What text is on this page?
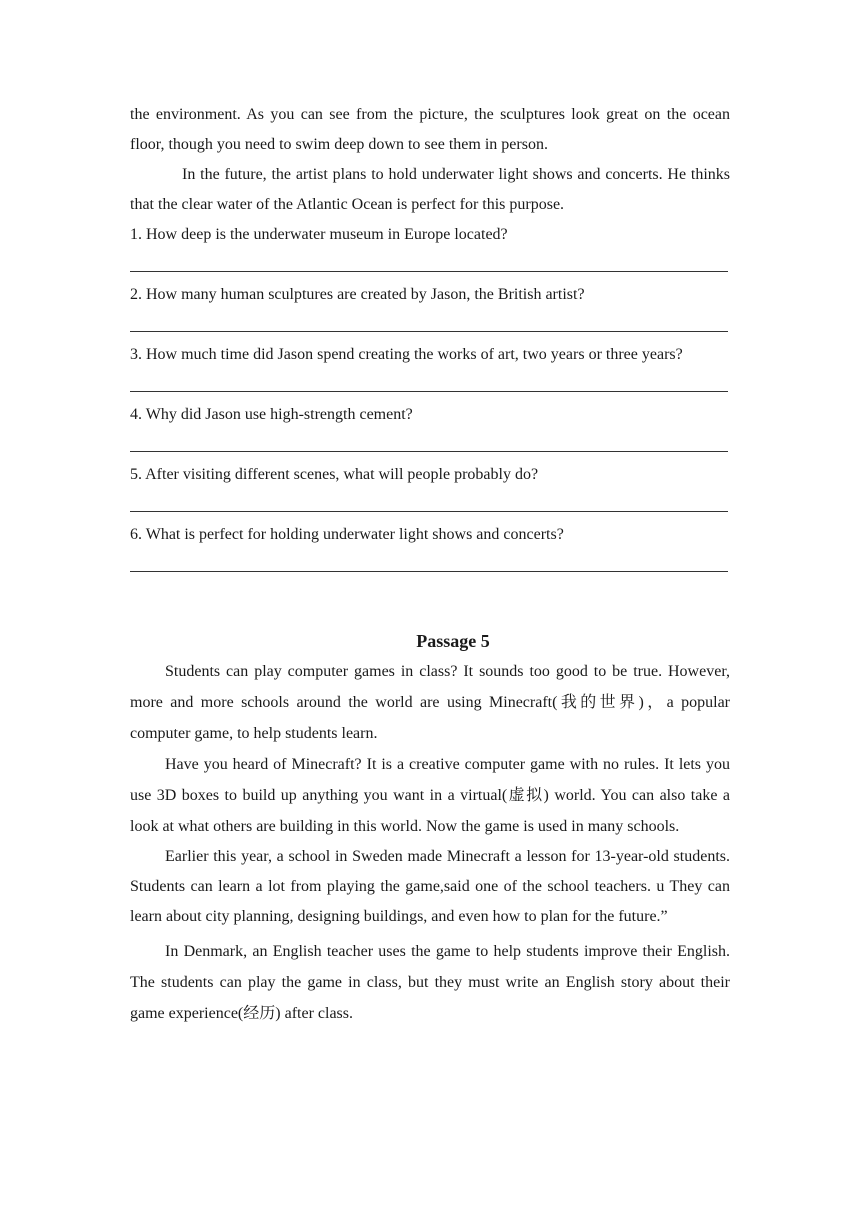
the environment. As you can see from the picture, the sculptures look great on the ocean floor, though you need to swim deep down to see them in person.

In the future, the artist plans to hold underwater light shows and concerts. He thinks that the clear water of the Atlantic Ocean is perfect for this purpose.

1. How deep is the underwater museum in Europe located?

2. How many human sculptures are created by Jason, the British artist?

3. How much time did Jason spend creating the works of art, two years or three years?

4. Why did Jason use high-strength cement?

5. After visiting different scenes, what will people probably do?

6. What is perfect for holding underwater light shows and concerts?

Passage 5

Students can play computer games in class? It sounds too good to be true. However, more and more schools around the world are using Minecraft(我的世界)，a popular computer game, to help students learn.

Have you heard of Minecraft? It is a creative computer game with no rules. It lets you use 3D boxes to build up anything you want in a virtual(虚拟) world. You can also take a look at what others are building in this world. Now the game is used in many schools.

Earlier this year, a school in Sweden made Minecraft a lesson for 13-year-old students. Students can learn a lot from playing the game,said one of the school teachers. u They can learn about city planning, designing buildings, and even how to plan for the future.”

In Denmark, an English teacher uses the game to help students improve their English. The students can play the game in class, but they must write an English story about their game experience(经历) after class.
